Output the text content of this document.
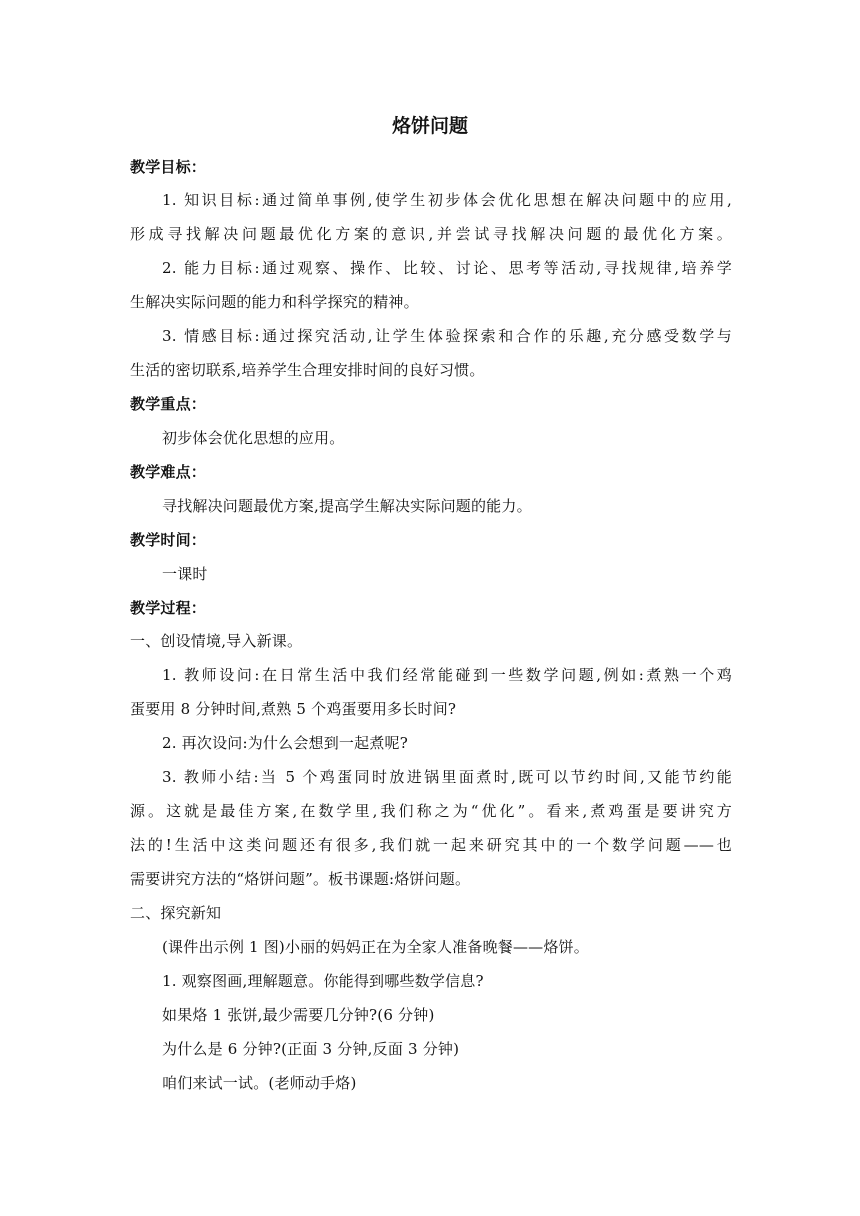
烙饼问题
教学目标：
1. 知识目标:通过简单事例,使学生初步体会优化思想在解决问题中的应用,
形成寻找解决问题最优化方案的意识,并尝试寻找解决问题的最优化方案。
2. 能力目标:通过观察、操作、比较、讨论、思考等活动,寻找规律,培养学
生解决实际问题的能力和科学探究的精神。
3. 情感目标:通过探究活动,让学生体验探索和合作的乐趣,充分感受数学与
生活的密切联系,培养学生合理安排时间的良好习惯。
教学重点：
初步体会优化思想的应用。
教学难点：
寻找解决问题最优方案,提高学生解决实际问题的能力。
教学时间：
一课时
教学过程：
一、创设情境,导入新课。
1. 教师设问:在日常生活中我们经常能碰到一些数学问题,例如:煮熟一个鸡
蛋要用 8 分钟时间,煮熟 5 个鸡蛋要用多长时间?
2. 再次设问:为什么会想到一起煮呢?
3. 教师小结:当 5 个鸡蛋同时放进锅里面煮时,既可以节约时间,又能节约能
源。这就是最佳方案,在数学里,我们称之为“优化”。看来,煮鸡蛋是要讲究方
法的!生活中这类问题还有很多,我们就一起来研究其中的一个数学问题——也
需要讲究方法的“烙饼问题”。板书课题:烙饼问题。
二、探究新知
(课件出示例 1 图)小丽的妈妈正在为全家人准备晚餐——烙饼。
1. 观察图画,理解题意。你能得到哪些数学信息?
如果烙 1 张饼,最少需要几分钟?(6 分钟)
为什么是 6 分钟?(正面 3 分钟,反面 3 分钟)
咱们来试一试。(老师动手烙)
